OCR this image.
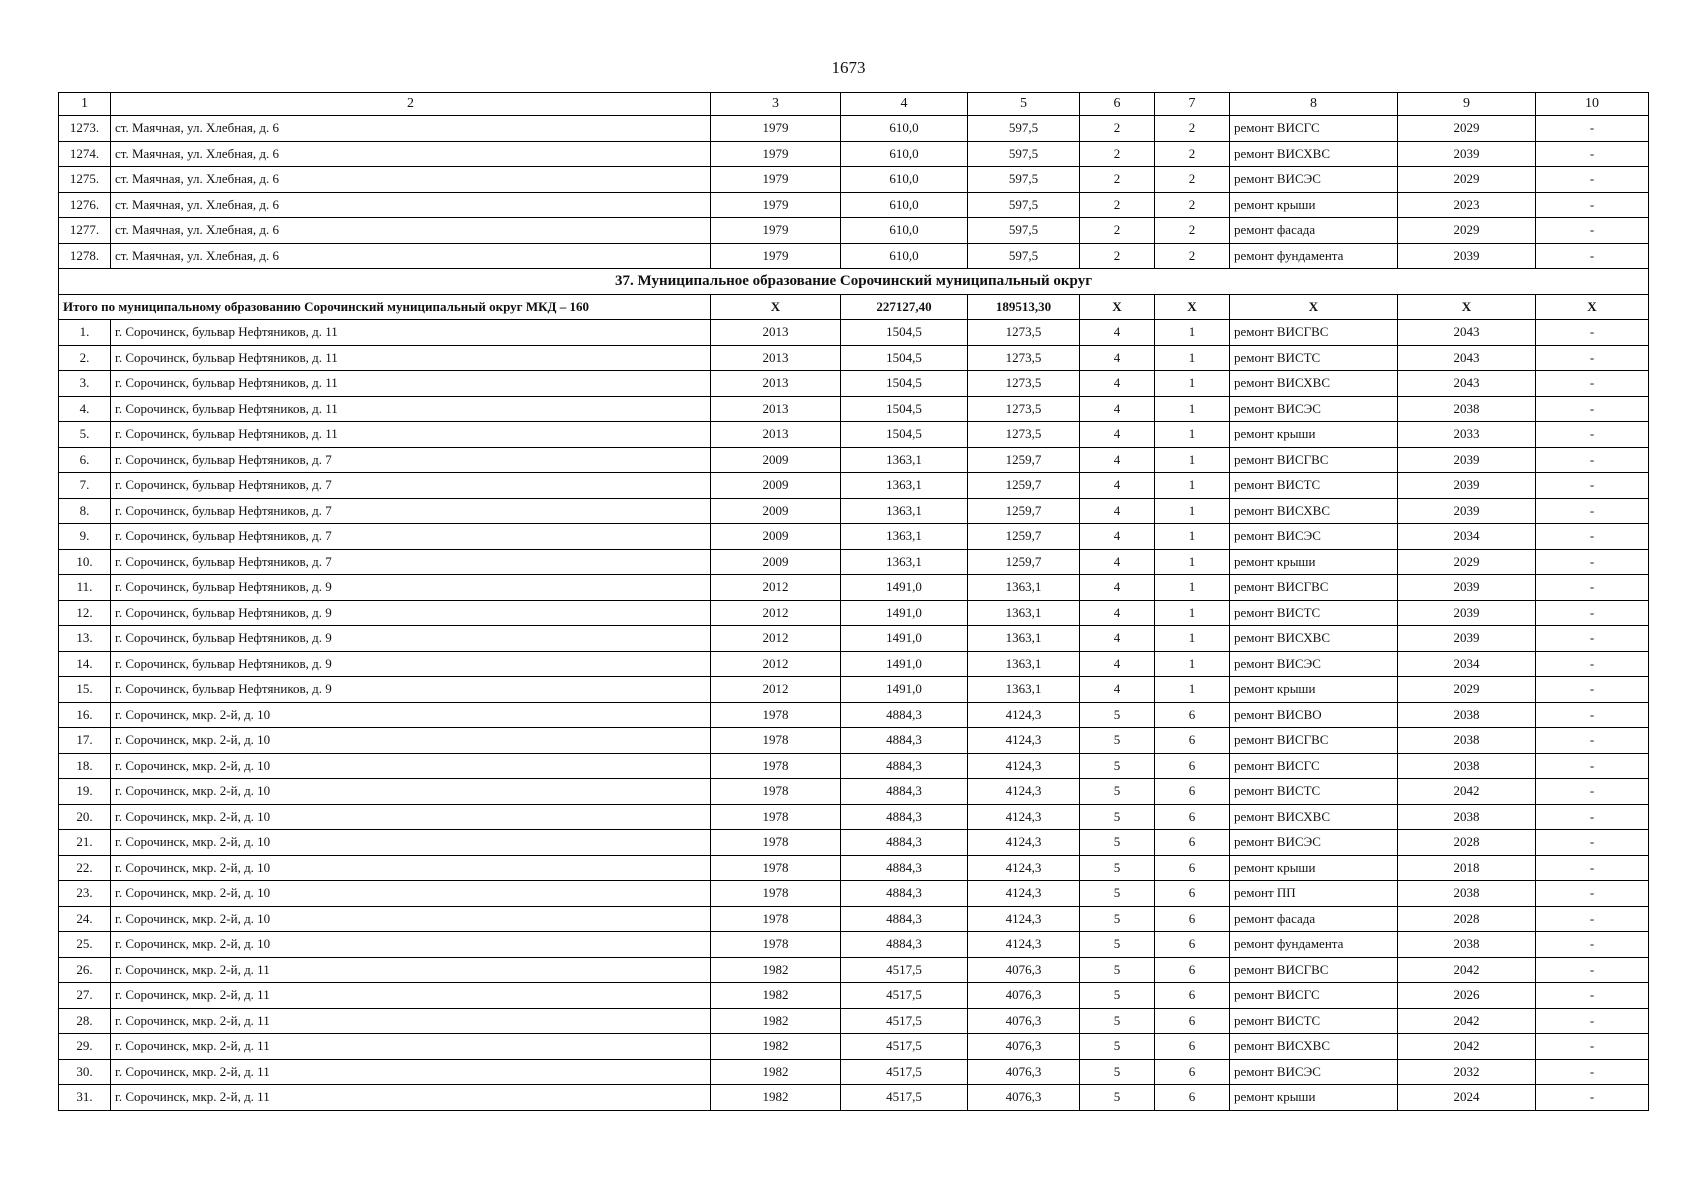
1673
1	2	3	4	5	6	7	8	9	10
1273.	ст. Маячная, ул. Хлебная, д. 6	1979	610,0	597,5	2	2	ремонт ВИСГС	2029	-
1274.	ст. Маячная, ул. Хлебная, д. 6	1979	610,0	597,5	2	2	ремонт ВИСХВС	2039	-
1275.	ст. Маячная, ул. Хлебная, д. 6	1979	610,0	597,5	2	2	ремонт ВИСЭС	2029	-
1276.	ст. Маячная, ул. Хлебная, д. 6	1979	610,0	597,5	2	2	ремонт крыши	2023	-
1277.	ст. Маячная, ул. Хлебная, д. 6	1979	610,0	597,5	2	2	ремонт фасада	2029	-
1278.	ст. Маячная, ул. Хлебная, д. 6	1979	610,0	597,5	2	2	ремонт фундамента	2039	-
37. Муниципальное образование Сорочинский муниципальный округ									
Итого по муниципальному образованию Сорочинский муниципальный округ МКД – 160		Х	227127,40	189513,30	Х	Х	Х	Х	Х
1.	г. Сорочинск, бульвар Нефтяников, д. 11	2013	1504,5	1273,5	4	1	ремонт ВИСГВС	2043	-
2.	г. Сорочинск, бульвар Нефтяников, д. 11	2013	1504,5	1273,5	4	1	ремонт ВИСТС	2043	-
3.	г. Сорочинск, бульвар Нефтяников, д. 11	2013	1504,5	1273,5	4	1	ремонт ВИСХВС	2043	-
4.	г. Сорочинск, бульвар Нефтяников, д. 11	2013	1504,5	1273,5	4	1	ремонт ВИСЭС	2038	-
5.	г. Сорочинск, бульвар Нефтяников, д. 11	2013	1504,5	1273,5	4	1	ремонт крыши	2033	-
6.	г. Сорочинск, бульвар Нефтяников, д. 7	2009	1363,1	1259,7	4	1	ремонт ВИСГВС	2039	-
7.	г. Сорочинск, бульвар Нефтяников, д. 7	2009	1363,1	1259,7	4	1	ремонт ВИСТС	2039	-
8.	г. Сорочинск, бульвар Нефтяников, д. 7	2009	1363,1	1259,7	4	1	ремонт ВИСХВС	2039	-
9.	г. Сорочинск, бульвар Нефтяников, д. 7	2009	1363,1	1259,7	4	1	ремонт ВИСЭС	2034	-
10.	г. Сорочинск, бульвар Нефтяников, д. 7	2009	1363,1	1259,7	4	1	ремонт крыши	2029	-
11.	г. Сорочинск, бульвар Нефтяников, д. 9	2012	1491,0	1363,1	4	1	ремонт ВИСГВС	2039	-
12.	г. Сорочинск, бульвар Нефтяников, д. 9	2012	1491,0	1363,1	4	1	ремонт ВИСТС	2039	-
13.	г. Сорочинск, бульвар Нефтяников, д. 9	2012	1491,0	1363,1	4	1	ремонт ВИСХВС	2039	-
14.	г. Сорочинск, бульвар Нефтяников, д. 9	2012	1491,0	1363,1	4	1	ремонт ВИСЭС	2034	-
15.	г. Сорочинск, бульвар Нефтяников, д. 9	2012	1491,0	1363,1	4	1	ремонт крыши	2029	-
16.	г. Сорочинск, мкр. 2-й, д. 10	1978	4884,3	4124,3	5	6	ремонт ВИСВО	2038	-
17.	г. Сорочинск, мкр. 2-й, д. 10	1978	4884,3	4124,3	5	6	ремонт ВИСГВС	2038	-
18.	г. Сорочинск, мкр. 2-й, д. 10	1978	4884,3	4124,3	5	6	ремонт ВИСГС	2038	-
19.	г. Сорочинск, мкр. 2-й, д. 10	1978	4884,3	4124,3	5	6	ремонт ВИСТС	2042	-
20.	г. Сорочинск, мкр. 2-й, д. 10	1978	4884,3	4124,3	5	6	ремонт ВИСХВС	2038	-
21.	г. Сорочинск, мкр. 2-й, д. 10	1978	4884,3	4124,3	5	6	ремонт ВИСЭС	2028	-
22.	г. Сорочинск, мкр. 2-й, д. 10	1978	4884,3	4124,3	5	6	ремонт крыши	2018	-
23.	г. Сорочинск, мкр. 2-й, д. 10	1978	4884,3	4124,3	5	6	ремонт ПП	2038	-
24.	г. Сорочинск, мкр. 2-й, д. 10	1978	4884,3	4124,3	5	6	ремонт фасада	2028	-
25.	г. Сорочинск, мкр. 2-й, д. 10	1978	4884,3	4124,3	5	6	ремонт фундамента	2038	-
26.	г. Сорочинск, мкр. 2-й, д. 11	1982	4517,5	4076,3	5	6	ремонт ВИСГВС	2042	-
27.	г. Сорочинск, мкр. 2-й, д. 11	1982	4517,5	4076,3	5	6	ремонт ВИСГС	2026	-
28.	г. Сорочинск, мкр. 2-й, д. 11	1982	4517,5	4076,3	5	6	ремонт ВИСТС	2042	-
29.	г. Сорочинск, мкр. 2-й, д. 11	1982	4517,5	4076,3	5	6	ремонт ВИСХВС	2042	-
30.	г. Сорочинск, мкр. 2-й, д. 11	1982	4517,5	4076,3	5	6	ремонт ВИСЭС	2032	-
31.	г. Сорочинск, мкр. 2-й, д. 11	1982	4517,5	4076,3	5	6	ремонт крыши	2024	-
